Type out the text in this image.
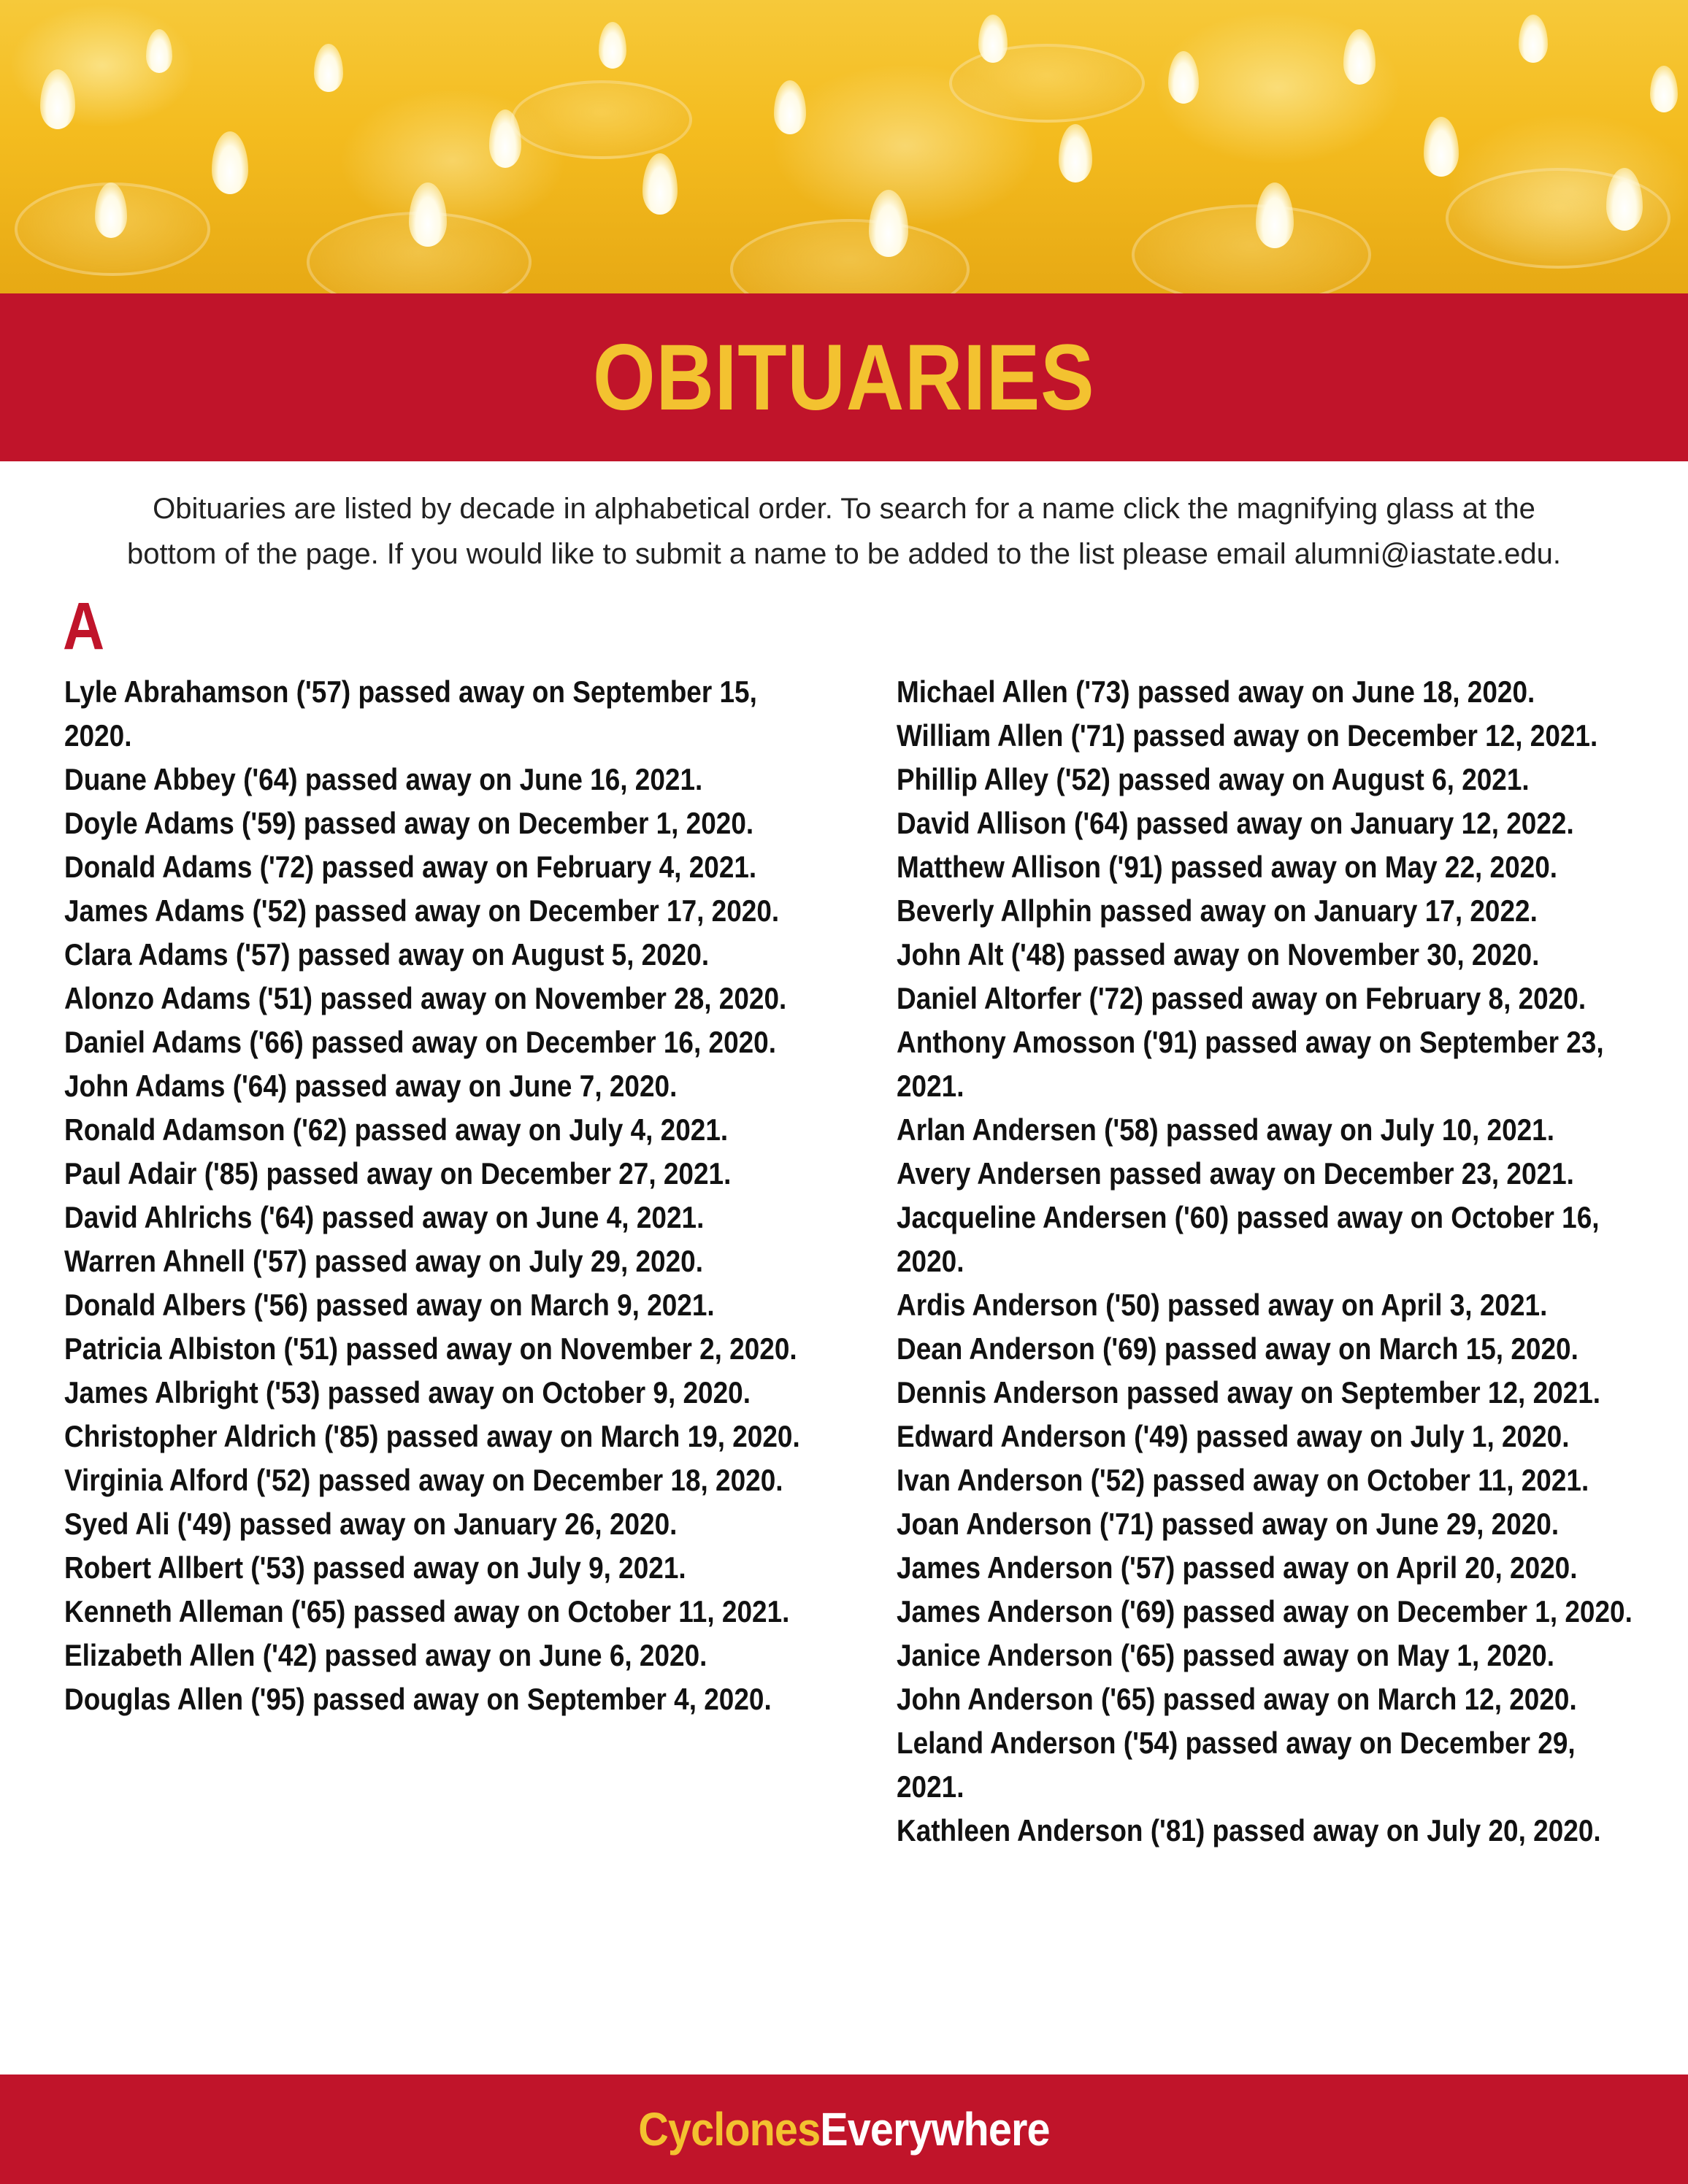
OBITUARIES

Obituaries are listed by decade in alphabetical order. To search for a name click the magnifying glass at the

bottom of the page. If you would like to submit a name to be added to the list please email alumni@iastate.edu.

A

Lyle Abrahamson ('57) passed away on September 15, 2020.

Duane Abbey ('64) passed away on June 16, 2021.

Doyle Adams ('59) passed away on December 1, 2020.

Donald Adams ('72) passed away on February 4, 2021.

James Adams ('52) passed away on December 17, 2020.

Clara Adams ('57) passed away on August 5, 2020.

Alonzo Adams ('51) passed away on November 28, 2020.

Daniel Adams ('66) passed away on December 16, 2020.

John Adams ('64) passed away on June 7, 2020.

Ronald Adamson ('62) passed away on July 4, 2021.

Paul Adair ('85) passed away on December 27, 2021.

David Ahlrichs ('64) passed away on June 4, 2021.

Warren Ahnell ('57) passed away on July 29, 2020.

Donald Albers ('56) passed away on March 9, 2021.

Patricia Albiston ('51) passed away on November 2, 2020.

James Albright ('53) passed away on October 9, 2020.

Christopher Aldrich ('85) passed away on March 19, 2020.

Virginia Alford ('52) passed away on December 18, 2020.

Syed Ali ('49) passed away on January 26, 2020.

Robert Allbert ('53) passed away on July 9, 2021.

Kenneth Alleman ('65) passed away on October 11, 2021.

Elizabeth Allen ('42) passed away on June 6, 2020.

Douglas Allen ('95) passed away on September 4, 2020.

Michael Allen ('73) passed away on June 18, 2020.

William Allen ('71) passed away on December 12, 2021.

Phillip Alley ('52) passed away on August 6, 2021.

David Allison ('64) passed away on January 12, 2022.

Matthew Allison ('91) passed away on May 22, 2020.

Beverly Allphin passed away on January 17, 2022.

John Alt ('48) passed away on November 30, 2020.

Daniel Altorfer ('72) passed away on February 8, 2020.

Anthony Amosson ('91) passed away on September 23, 2021.

Arlan Andersen ('58) passed away on July 10, 2021.

Avery Andersen passed away on December 23, 2021.

Jacqueline Andersen ('60) passed away on October 16, 2020.

Ardis Anderson ('50) passed away on April 3, 2021.

Dean Anderson ('69) passed away on March 15, 2020.

Dennis Anderson passed away on September 12, 2021.

Edward Anderson ('49) passed away on July 1, 2020.

Ivan Anderson ('52) passed away on October 11, 2021.

Joan Anderson ('71) passed away on June 29, 2020.

James Anderson ('57) passed away on April 20, 2020.

James Anderson ('69) passed away on December 1, 2020.

Janice Anderson ('65) passed away on May 1, 2020.

John Anderson ('65) passed away on March 12, 2020.

Leland Anderson ('54) passed away on December 29, 2021.

Kathleen Anderson ('81) passed away on July 20, 2020.

CyclonesEverywhere
